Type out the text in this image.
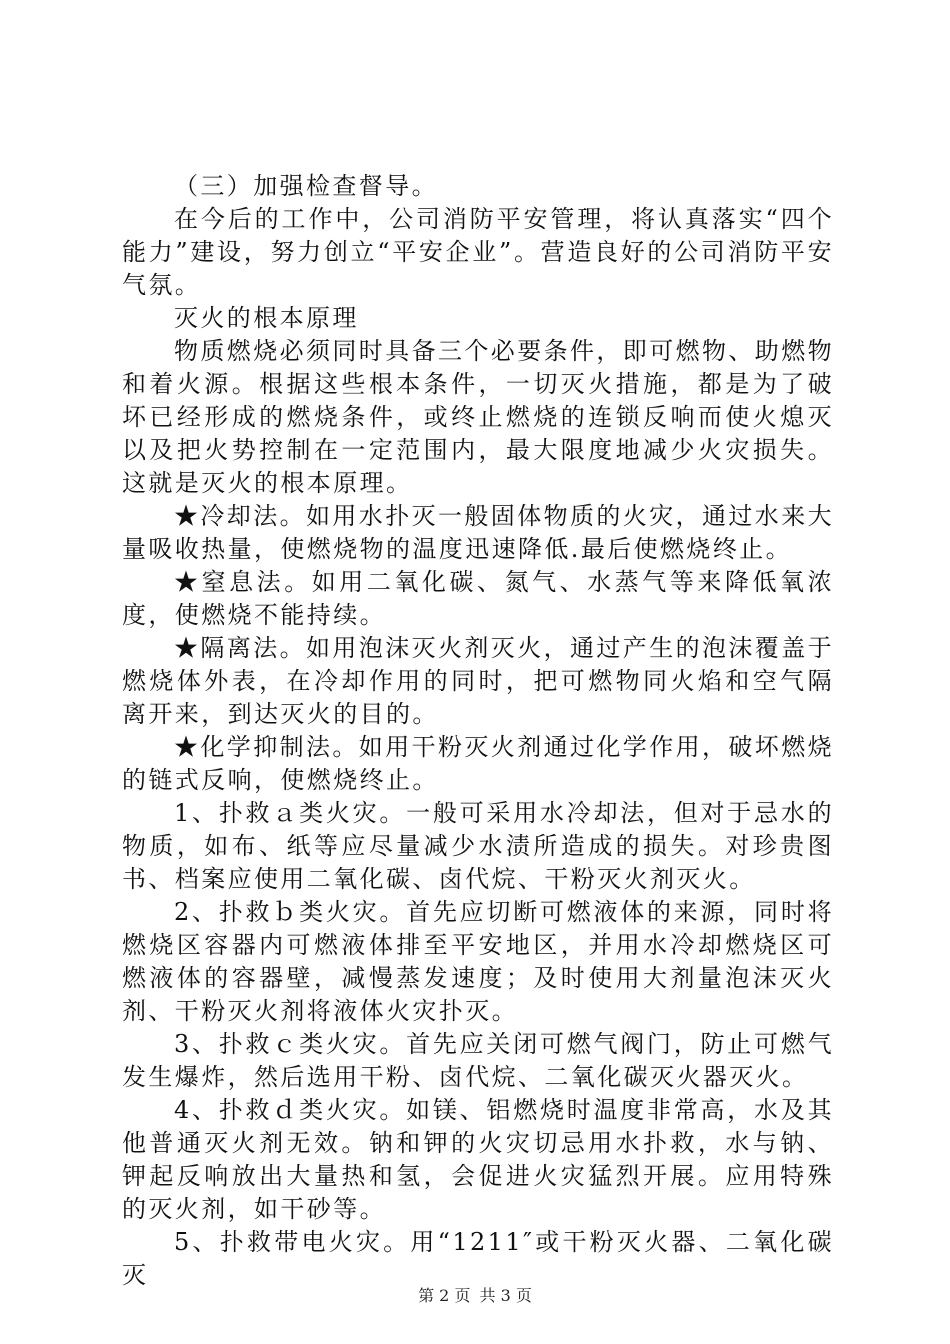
（三）加强检查督导。

在今后的工作中，公司消防平安管理，将认真落实“四个能力”建设，努力创立“平安企业”。营造良好的公司消防平安气氛。

灭火的根本原理

物质燃烧必须同时具备三个必要条件，即可燃物、助燃物和着火源。根据这些根本条件，一切灭火措施，都是为了破坏已经形成的燃烧条件，或终止燃烧的连锁反响而使火熄灭以及把火势控制在一定范围内，最大限度地减少火灾损失。这就是灭火的根本原理。

★冷却法。如用水扑灭一般固体物质的火灾，通过水来大量吸收热量，使燃烧物的温度迅速降低.最后使燃烧终止。

★窒息法。如用二氧化碳、氮气、水蒸气等来降低氧浓度，使燃烧不能持续。

★隔离法。如用泡沫灭火剂灭火，通过产生的泡沫覆盖于燃烧体外表，在冷却作用的同时，把可燃物同火焰和空气隔离开来，到达灭火的目的。

★化学抑制法。如用干粉灭火剂通过化学作用，破坏燃烧的链式反响，使燃烧终止。

1、扑救ａ类火灾。一般可采用水冷却法，但对于忌水的物质，如布、纸等应尽量减少水渍所造成的损失。对珍贵图书、档案应使用二氧化碳、卤代烷、干粉灭火剂灭火。

2、扑救ｂ类火灾。首先应切断可燃液体的来源，同时将燃烧区容器内可燃液体排至平安地区，并用水冷却燃烧区可燃液体的容器壁，减慢蒸发速度；及时使用大剂量泡沫灭火剂、干粉灭火剂将液体火灾扑灭。

3、扑救ｃ类火灾。首先应关闭可燃气阀门，防止可燃气发生爆炸，然后选用干粉、卤代烷、二氧化碳灭火器灭火。

4、扑救ｄ类火灾。如镁、铝燃烧时温度非常高，水及其他普通灭火剂无效。钠和钾的火灾切忌用水扑救，水与钠、钾起反响放出大量热和氢，会促进火灾猛烈开展。应用特殊的灭火剂，如干砂等。

5、扑救带电火灾。用“1211″或干粉灭火器、二氧化碳灭

第 2 页 共 3 页
